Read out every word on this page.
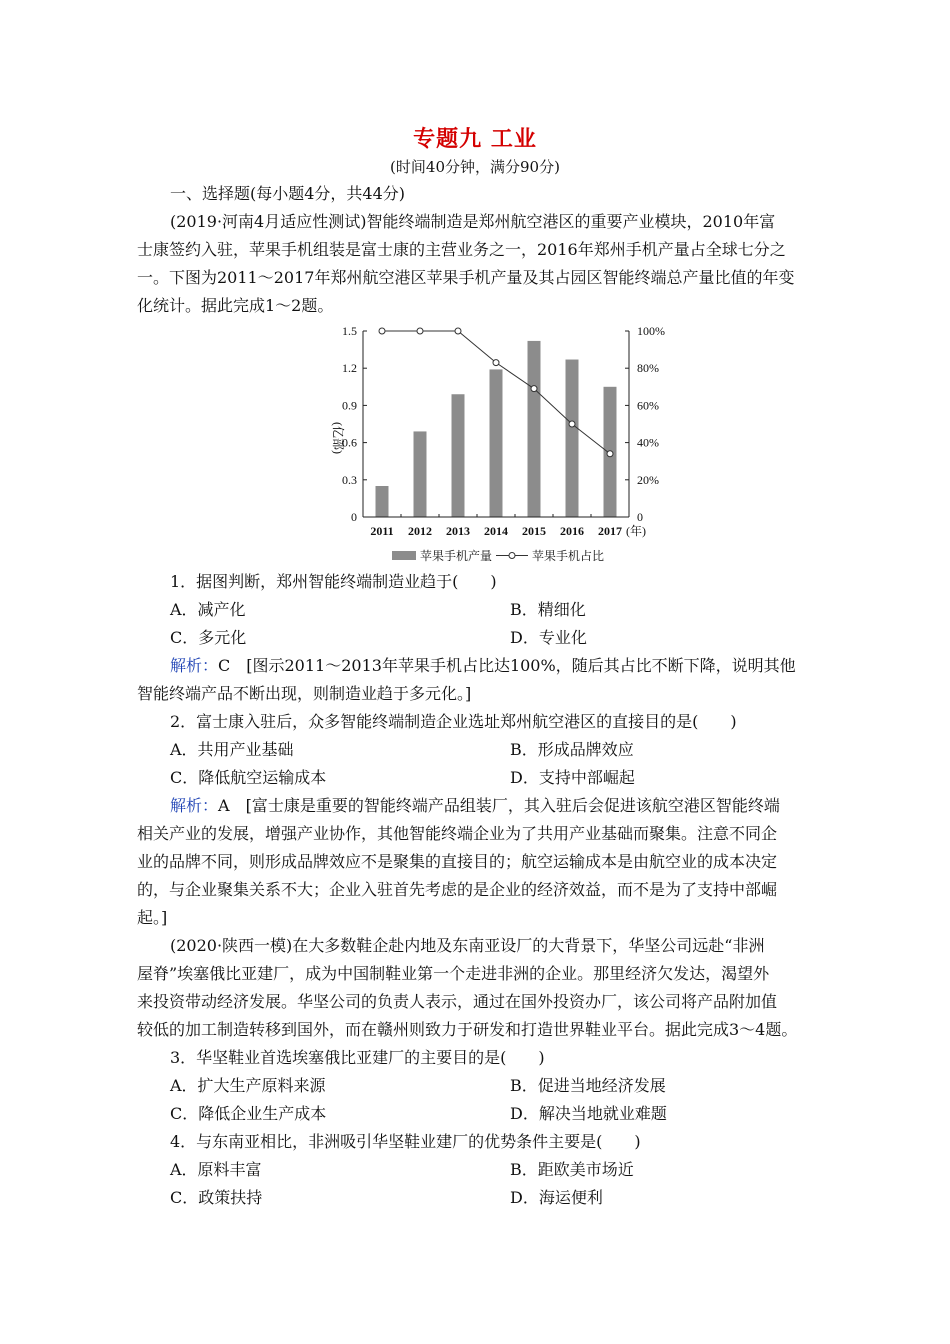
专题九 工业
(时间40分钟，满分90分)
一、选择题(每小题4分，共44分)
(2019·河南4月适应性测试)智能终端制造是郑州航空港区的重要产业模块，2010年富
士康签约入驻，苹果手机组装是富士康的主营业务之一，2016年郑州手机产量占全球七分之
一。下图为2011～2017年郑州航空港区苹果手机产量及其占园区智能终端总产量比值的年变
化统计。据此完成1～2题。
0
0.3
0.6
0.9
1.2
1.5
0
20%
40%
60%
80%
100%
2011 2012 2013 2014 2015 2016 2017
(亿部)
(年)
苹果手机产量	苹果手机占比
1．据图判断，郑州智能终端制造业趋于(　　)
A．减产化	B．精细化
C．多元化	D．专业化
解析：C　[图示2011～2013年苹果手机占比达100%，随后其占比不断下降，说明其他
智能终端产品不断出现，则制造业趋于多元化。]
2．富士康入驻后，众多智能终端制造企业选址郑州航空港区的直接目的是(　　)
A．共用产业基础	B．形成品牌效应
C．降低航空运输成本	D．支持中部崛起
解析：A　[富士康是重要的智能终端产品组装厂，其入驻后会促进该航空港区智能终端
相关产业的发展，增强产业协作，其他智能终端企业为了共用产业基础而聚集。注意不同企
业的品牌不同，则形成品牌效应不是聚集的直接目的；航空运输成本是由航空业的成本决定
的，与企业聚集关系不大；企业入驻首先考虑的是企业的经济效益，而不是为了支持中部崛
起。]
(2020·陕西一模)在大多数鞋企赴内地及东南亚设厂的大背景下，华坚公司远赴“非洲
屋脊”埃塞俄比亚建厂，成为中国制鞋业第一个走进非洲的企业。那里经济欠发达，渴望外
来投资带动经济发展。华坚公司的负责人表示，通过在国外投资办厂，该公司将产品附加值
较低的加工制造转移到国外，而在赣州则致力于研发和打造世界鞋业平台。据此完成3～4题。
3．华坚鞋业首选埃塞俄比亚建厂的主要目的是(　　)
A．扩大生产原料来源	B．促进当地经济发展
C．降低企业生产成本	D．解决当地就业难题
4．与东南亚相比，非洲吸引华坚鞋业建厂的优势条件主要是(　　)
A．原料丰富	B．距欧美市场近
C．政策扶持	D．海运便利
